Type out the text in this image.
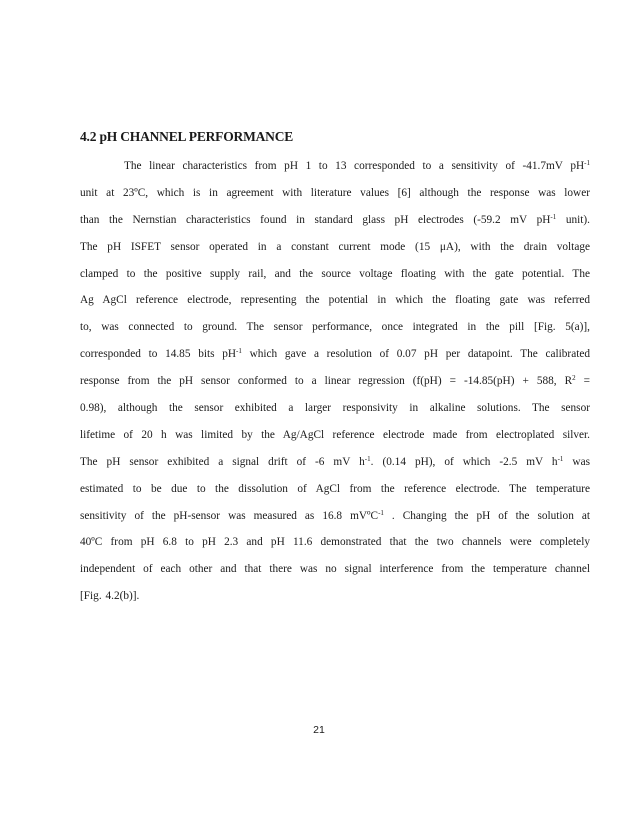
4.2 pH CHANNEL PERFORMANCE
The linear characteristics from pH 1 to 13 corresponded to a sensitivity of -41.7mV $pH^{-1}$
unit at 23ºC, which is in agreement with literature values [6] although the response was lower
than the Nernstian characteristics found in standard glass pH electrodes (-59.2 mV $pH^{-1}$ unit).
The pH ISFET sensor operated in a constant current mode (15 μA), with the drain voltage
clamped to the positive supply rail, and the source voltage floating with the gate potential. The
Ag AgCl reference electrode, representing the potential in which the floating gate was referred
to, was connected to ground. The sensor performance, once integrated in the pill [Fig. 5(a)],
corresponded to 14.85 bits $pH^{-1}$ which gave a resolution of 0.07 pH per datapoint. The calibrated
response from the pH sensor conformed to a linear regression (f(pH) = -14.85(pH) + 588, $R^2$ =
0.98), although the sensor exhibited a larger responsivity in alkaline solutions. The sensor
lifetime of 20 h was limited by the Ag/AgCl reference electrode made from electroplated silver.
The pH sensor exhibited a signal drift of -6 mV $h^{-1}$. (0.14 pH), of which -2.5 mV $h^{-1}$ was
estimated to be due to the dissolution of AgCl from the reference electrode. The temperature
sensitivity of the pH-sensor was measured as 16.8 mVºC$^{-1}$ . Changing the pH of the solution at
40ºC from pH 6.8 to pH 2.3 and pH 11.6 demonstrated that the two channels were completely
independent of each other and that there was no signal interference from the temperature channel
[Fig. 4.2(b)].
21
